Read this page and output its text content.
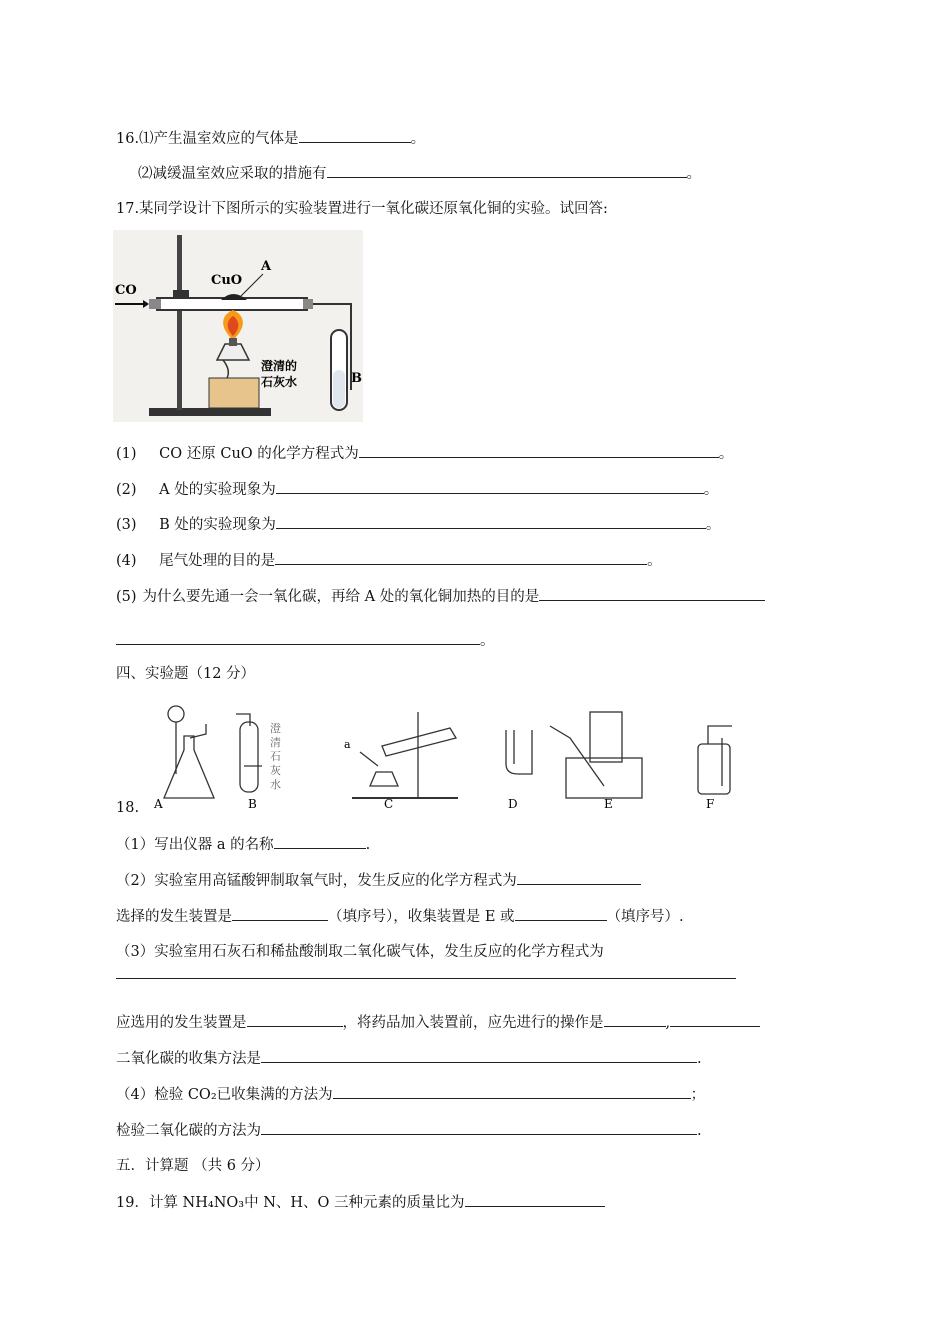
16.⑴产生温室效应的气体是	。
⑵减缓温室效应采取的措施有	。
17.某同学设计下图所示的实验装置进行一氧化碳还原氧化铜的实验。试回答:
CO
CuO
A
澄清的
石灰水	B
(1) CO 还原 CuO 的化学方程式为	。
(2) A 处的实验现象为	。
(3) B 处的实验现象为	。
(4) 尾气处理的目的是	。
(5) 为什么要先通一会一氧化碳，再给 A 处的氧化铜加热的目的是
。
四、实验题（12 分）
A	B	C	D	E	F
a
澄
清
石
灰
水
18.
（1）写出仪器 a 的名称	.
（2）实验室用高锰酸钾制取氧气时，发生反应的化学方程式为
选择的发生装置是	（填序号），收集装置是 E 或	（填序号）.
（3）实验室用石灰石和稀盐酸制取二氧化碳气体，发生反应的化学方程式为
应选用的发生装置是	，将药品加入装置前，应先进行的操作是	,
二氧化碳的收集方法是	.
（4）检验 CO₂已收集满的方法为	；
检验二氧化碳的方法为	.
五．计算题 （共 6 分）
19．计算 NH₄NO₃中 N、H、O 三种元素的质量比为
